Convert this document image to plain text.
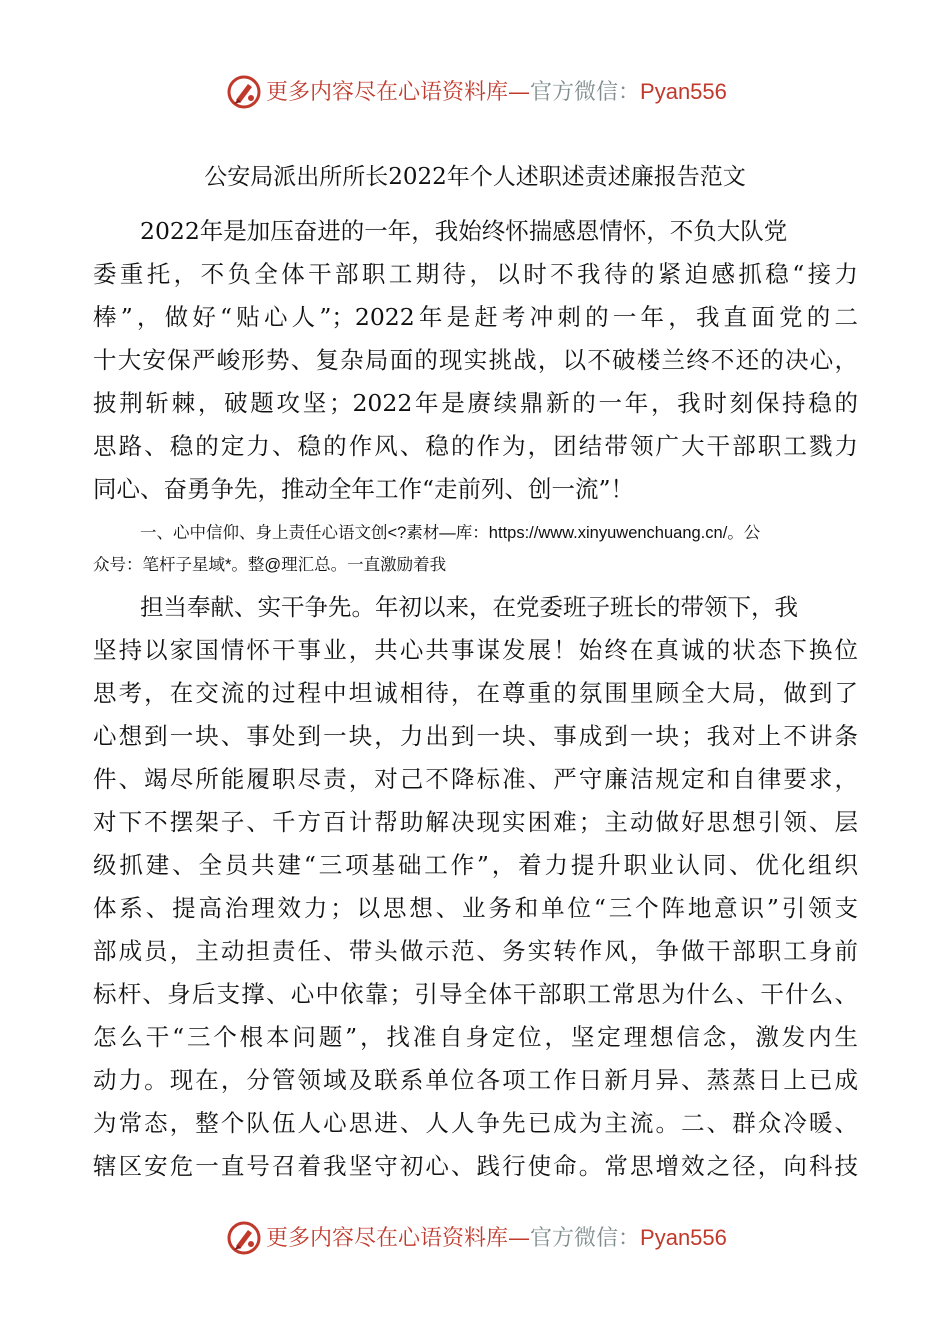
更多内容尽在心语资料库—官方微信：Pyan556
公安局派出所所长2022年个人述职述责述廉报告范文
2022年是加压奋进的一年，我始终怀揣感恩情怀，不负大队党
委重托，不负全体干部职工期待，以时不我待的紧迫感抓稳“接力
棒”，做好“贴心人”；2022年是赶考冲刺的一年，我直面党的二
十大安保严峻形势、复杂局面的现实挑战，以不破楼兰终不还的决心，
披荆斩棘，破题攻坚；2022年是赓续鼎新的一年，我时刻保持稳的
思路、稳的定力、稳的作风、稳的作为，团结带领广大干部职工戮力
同心、奋勇争先，推动全年工作“走前列、创一流”！
一、心中信仰、身上责任心语文创<?素材—库：https://www.xinyuwenchuang.cn/。公
众号：笔杆子星域*。整@理汇总。一直激励着我
担当奉献、实干争先。年初以来，在党委班子班长的带领下，我
坚持以家国情怀干事业，共心共事谋发展！始终在真诚的状态下换位
思考，在交流的过程中坦诚相待，在尊重的氛围里顾全大局，做到了
心想到一块、事处到一块，力出到一块、事成到一块；我对上不讲条
件、竭尽所能履职尽责，对己不降标准、严守廉洁规定和自律要求，
对下不摆架子、千方百计帮助解决现实困难；主动做好思想引领、层
级抓建、全员共建“三项基础工作”，着力提升职业认同、优化组织
体系、提高治理效力；以思想、业务和单位“三个阵地意识”引领支
部成员，主动担责任、带头做示范、务实转作风，争做干部职工身前
标杆、身后支撑、心中依靠；引导全体干部职工常思为什么、干什么、
怎么干“三个根本问题”，找准自身定位，坚定理想信念，激发内生
动力。现在，分管领域及联系单位各项工作日新月异、蒸蒸日上已成
为常态，整个队伍人心思进、人人争先已成为主流。二、群众冷暖、
辖区安危一直号召着我坚守初心、践行使命。常思增效之径，向科技
更多内容尽在心语资料库—官方微信：Pyan556
